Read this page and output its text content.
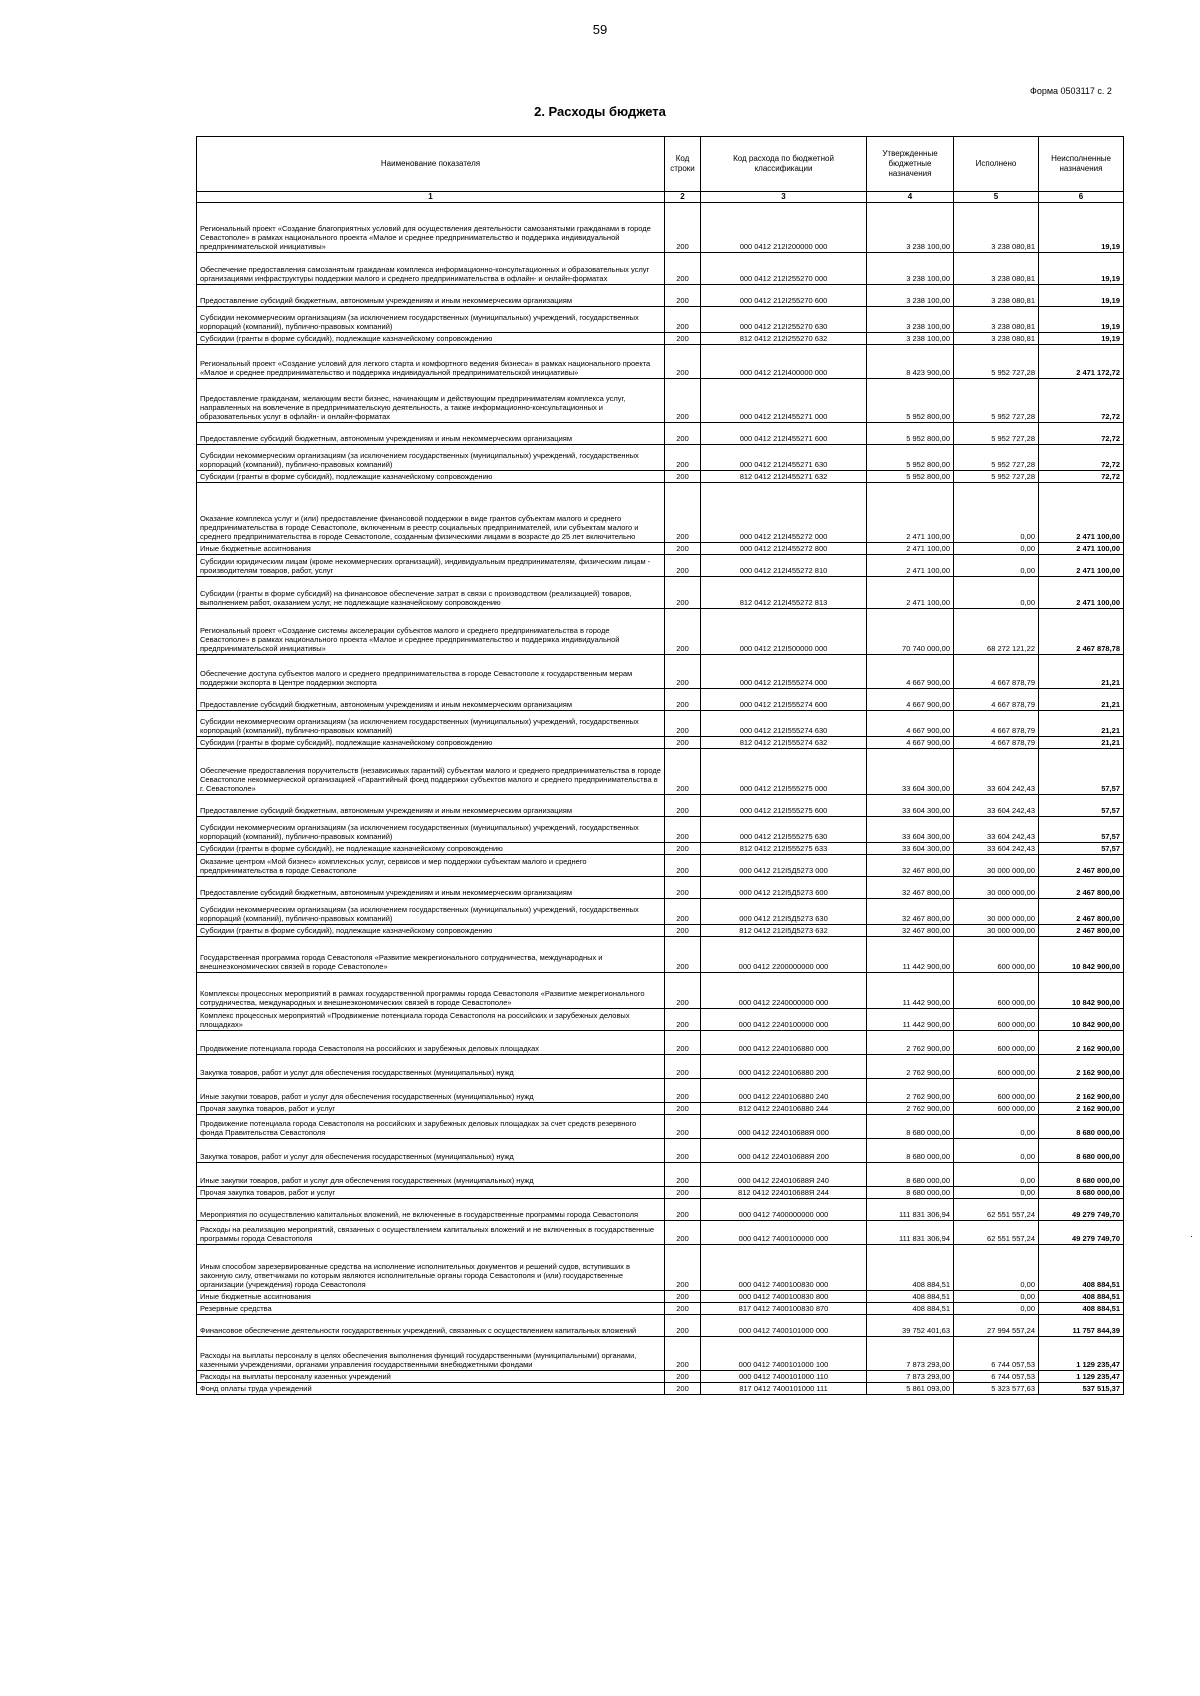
59
Форма 0503117 с. 2
2. Расходы бюджета
·
Наименование показателя	Код строки	Код расхода по бюджетной классификации	Утвержденные бюджетные назначения	Исполнено	Неисполненные назначения
1	2	3	4	5	6
Региональный проект «Создание благоприятных условий для осуществления деятельности самозанятыми гражданами в городе Севастополе» в рамках национального проекта «Малое и среднее предпринимательство и поддержка индивидуальной предпринимательской инициативы»	200	000 0412 212I200000 000	3 238 100,00	3 238 080,81	19,19
Обеспечение предоставления самозанятым гражданам комплекса информационно-консультационных и образовательных услуг организациями инфраструктуры поддержки малого и среднего предпринимательства в офлайн- и онлайн-форматах	200	000 0412 212I255270 000	3 238 100,00	3 238 080,81	19,19
Предоставление субсидий бюджетным, автономным учреждениям и иным некоммерческим организациям	200	000 0412 212I255270 600	3 238 100,00	3 238 080,81	19,19
Субсидии некоммерческим организациям (за исключением государственных (муниципальных) учреждений, государственных корпораций (компаний), публично-правовых компаний)	200	000 0412 212I255270 630	3 238 100,00	3 238 080,81	19,19
Субсидии (гранты в форме субсидий), подлежащие казначейскому сопровождению	200	812 0412 212I255270 632	3 238 100,00	3 238 080,81	19,19
Региональный проект «Создание условий для легкого старта и комфортного ведения бизнеса» в рамках национального проекта «Малое и среднее предпринимательство и поддержка индивидуальной предпринимательской инициативы»	200	000 0412 212I400000 000	8 423 900,00	5 952 727,28	2 471 172,72
Предоставление гражданам, желающим вести бизнес, начинающим и действующим предпринимателям комплекса услуг, направленных на вовлечение в предпринимательскую деятельность, а также информационно-консультационных и образовательных услуг в офлайн- и онлайн-форматах	200	000 0412 212I455271 000	5 952 800,00	5 952 727,28	72,72
Предоставление субсидий бюджетным, автономным учреждениям и иным некоммерческим организациям	200	000 0412 212I455271 600	5 952 800,00	5 952 727,28	72,72
Субсидии некоммерческим организациям (за исключением государственных (муниципальных) учреждений, государственных корпораций (компаний), публично-правовых компаний)	200	000 0412 212I455271 630	5 952 800,00	5 952 727,28	72,72
Субсидии (гранты в форме субсидий), подлежащие казначейскому сопровождению	200	812 0412 212I455271 632	5 952 800,00	5 952 727,28	72,72
Оказание комплекса услуг и (или) предоставление финансовой поддержки в виде грантов субъектам малого и среднего предпринимательства в городе Севастополе, включенным в реестр социальных предпринимателей, или субъектам малого и среднего предпринимательства в городе Севастополе, созданным физическими лицами в возрасте до 25 лет включительно	200	000 0412 212I455272 000	2 471 100,00	0,00	2 471 100,00
Иные бюджетные ассигнования	200	000 0412 212I455272 800	2 471 100,00	0,00	2 471 100,00
Субсидии юридическим лицам (кроме некоммерческих организаций), индивидуальным предпринимателям, физическим лицам - производителям товаров, работ, услуг	200	000 0412 212I455272 810	2 471 100,00	0,00	2 471 100,00
Субсидии (гранты в форме субсидий) на финансовое обеспечение затрат в связи с производством (реализацией) товаров, выполнением работ, оказанием услуг, не подлежащие казначейскому сопровождению	200	812 0412 212I455272 813	2 471 100,00	0,00	2 471 100,00
Региональный проект «Создание системы акселерации субъектов малого и среднего предпринимательства в городе Севастополе» в рамках национального проекта «Малое и среднее предпринимательство и поддержка индивидуальной предпринимательской инициативы»	200	000 0412 212I500000 000	70 740 000,00	68 272 121,22	2 467 878,78
Обеспечение доступа субъектов малого и среднего предпринимательства в городе Севастополе к государственным мерам поддержки экспорта в Центре поддержки экспорта	200	000 0412 212I555274 000	4 667 900,00	4 667 878,79	21,21
Предоставление субсидий бюджетным, автономным учреждениям и иным некоммерческим организациям	200	000 0412 212I555274 600	4 667 900,00	4 667 878,79	21,21
Субсидии некоммерческим организациям (за исключением государственных (муниципальных) учреждений, государственных корпораций (компаний), публично-правовых компаний)	200	000 0412 212I555274 630	4 667 900,00	4 667 878,79	21,21
Субсидии (гранты в форме субсидий), подлежащие казначейскому сопровождению	200	812 0412 212I555274 632	4 667 900,00	4 667 878,79	21,21
Обеспечение предоставления поручительств (независимых гарантий) субъектам малого и среднего предпринимательства в городе Севастополе некоммерческой организацией «Гарантийный фонд поддержки субъектов малого и среднего предпринимательства в г. Севастополе»	200	000 0412 212I555275 000	33 604 300,00	33 604 242,43	57,57
Предоставление субсидий бюджетным, автономным учреждениям и иным некоммерческим организациям	200	000 0412 212I555275 600	33 604 300,00	33 604 242,43	57,57
Субсидии некоммерческим организациям (за исключением государственных (муниципальных) учреждений, государственных корпораций (компаний), публично-правовых компаний)	200	000 0412 212I555275 630	33 604 300,00	33 604 242,43	57,57
Субсидии (гранты в форме субсидий), не подлежащие казначейскому сопровождению	200	812 0412 212I555275 633	33 604 300,00	33 604 242,43	57,57
Оказание центром «Мой бизнес» комплексных услуг, сервисов и мер поддержки субъектам малого и среднего предпринимательства в городе Севастополе	200	000 0412 212I5Д5273 000	32 467 800,00	30 000 000,00	2 467 800,00
Предоставление субсидий бюджетным, автономным учреждениям и иным некоммерческим организациям	200	000 0412 212I5Д5273 600	32 467 800,00	30 000 000,00	2 467 800,00
Субсидии некоммерческим организациям (за исключением государственных (муниципальных) учреждений, государственных корпораций (компаний), публично-правовых компаний)	200	000 0412 212I5Д5273 630	32 467 800,00	30 000 000,00	2 467 800,00
Субсидии (гранты в форме субсидий), подлежащие казначейскому сопровождению	200	812 0412 212I5Д5273 632	32 467 800,00	30 000 000,00	2 467 800,00
Государственная программа города Севастополя «Развитие межрегионального сотрудничества, международных и внешнеэкономических связей в городе Севастополе»	200	000 0412 2200000000 000	11 442 900,00	600 000,00	10 842 900,00
Комплексы процессных мероприятий в рамках государственной программы города Севастополя «Развитие межрегионального сотрудничества, международных и внешнеэкономических связей в городе Севастополе»	200	000 0412 2240000000 000	11 442 900,00	600 000,00	10 842 900,00
Комплекс процессных мероприятий «Продвижение потенциала города Севастополя на российских и зарубежных деловых площадках»	200	000 0412 2240100000 000	11 442 900,00	600 000,00	10 842 900,00
Продвижение потенциала города Севастополя на российских и зарубежных деловых площадках	200	000 0412 2240106880 000	2 762 900,00	600 000,00	2 162 900,00
Закупка товаров, работ и услуг для обеспечения государственных (муниципальных) нужд	200	000 0412 2240106880 200	2 762 900,00	600 000,00	2 162 900,00
Иные закупки товаров, работ и услуг для обеспечения государственных (муниципальных) нужд	200	000 0412 2240106880 240	2 762 900,00	600 000,00	2 162 900,00
Прочая закупка товаров, работ и услуг	200	812 0412 2240106880 244	2 762 900,00	600 000,00	2 162 900,00
Продвижение потенциала города Севастополя на российских и зарубежных деловых площадках за счет средств резервного фонда Правительства Севастополя	200	000 0412 224010688Я 000	8 680 000,00	0,00	8 680 000,00
Закупка товаров, работ и услуг для обеспечения государственных (муниципальных) нужд	200	000 0412 224010688Я 200	8 680 000,00	0,00	8 680 000,00
Иные закупки товаров, работ и услуг для обеспечения государственных (муниципальных) нужд	200	000 0412 224010688Я 240	8 680 000,00	0,00	8 680 000,00
Прочая закупка товаров, работ и услуг	200	812 0412 224010688Я 244	8 680 000,00	0,00	8 680 000,00
Мероприятия по осуществлению капитальных вложений, не включенные в государственные программы города Севастополя	200	000 0412 7400000000 000	111 831 306,94	62 551 557,24	49 279 749,70
Расходы на реализацию мероприятий, связанных с осуществлением капитальных вложений и не включенных в государственные программы города Севастополя	200	000 0412 7400100000 000	111 831 306,94	62 551 557,24	49 279 749,70
Иным способом зарезервированные средства на исполнение исполнительных документов и решений судов, вступивших в законную силу, ответчиками по которым являются исполнительные органы города Севастополя и (или) государственные организации (учреждения) города Севастополя	200	000 0412 7400100830 000	408 884,51	0,00	408 884,51
Иные бюджетные ассигнования	200	000 0412 7400100830 800	408 884,51	0,00	408 884,51
Резервные средства	200	817 0412 7400100830 870	408 884,51	0,00	408 884,51
Финансовое обеспечение деятельности государственных учреждений, связанных с осуществлением капитальных вложений	200	000 0412 7400101000 000	39 752 401,63	27 994 557,24	11 757 844,39
Расходы на выплаты персоналу в целях обеспечения выполнения функций государственными (муниципальными) органами, казенными учреждениями, органами управления государственными внебюджетными фондами	200	000 0412 7400101000 100	7 873 293,00	6 744 057,53	1 129 235,47
Расходы на выплаты персоналу казенных учреждений	200	000 0412 7400101000 110	7 873 293,00	6 744 057,53	1 129 235,47
Фонд оплаты труда учреждений	200	817 0412 7400101000 111	5 861 093,00	5 323 577,63	537 515,37
